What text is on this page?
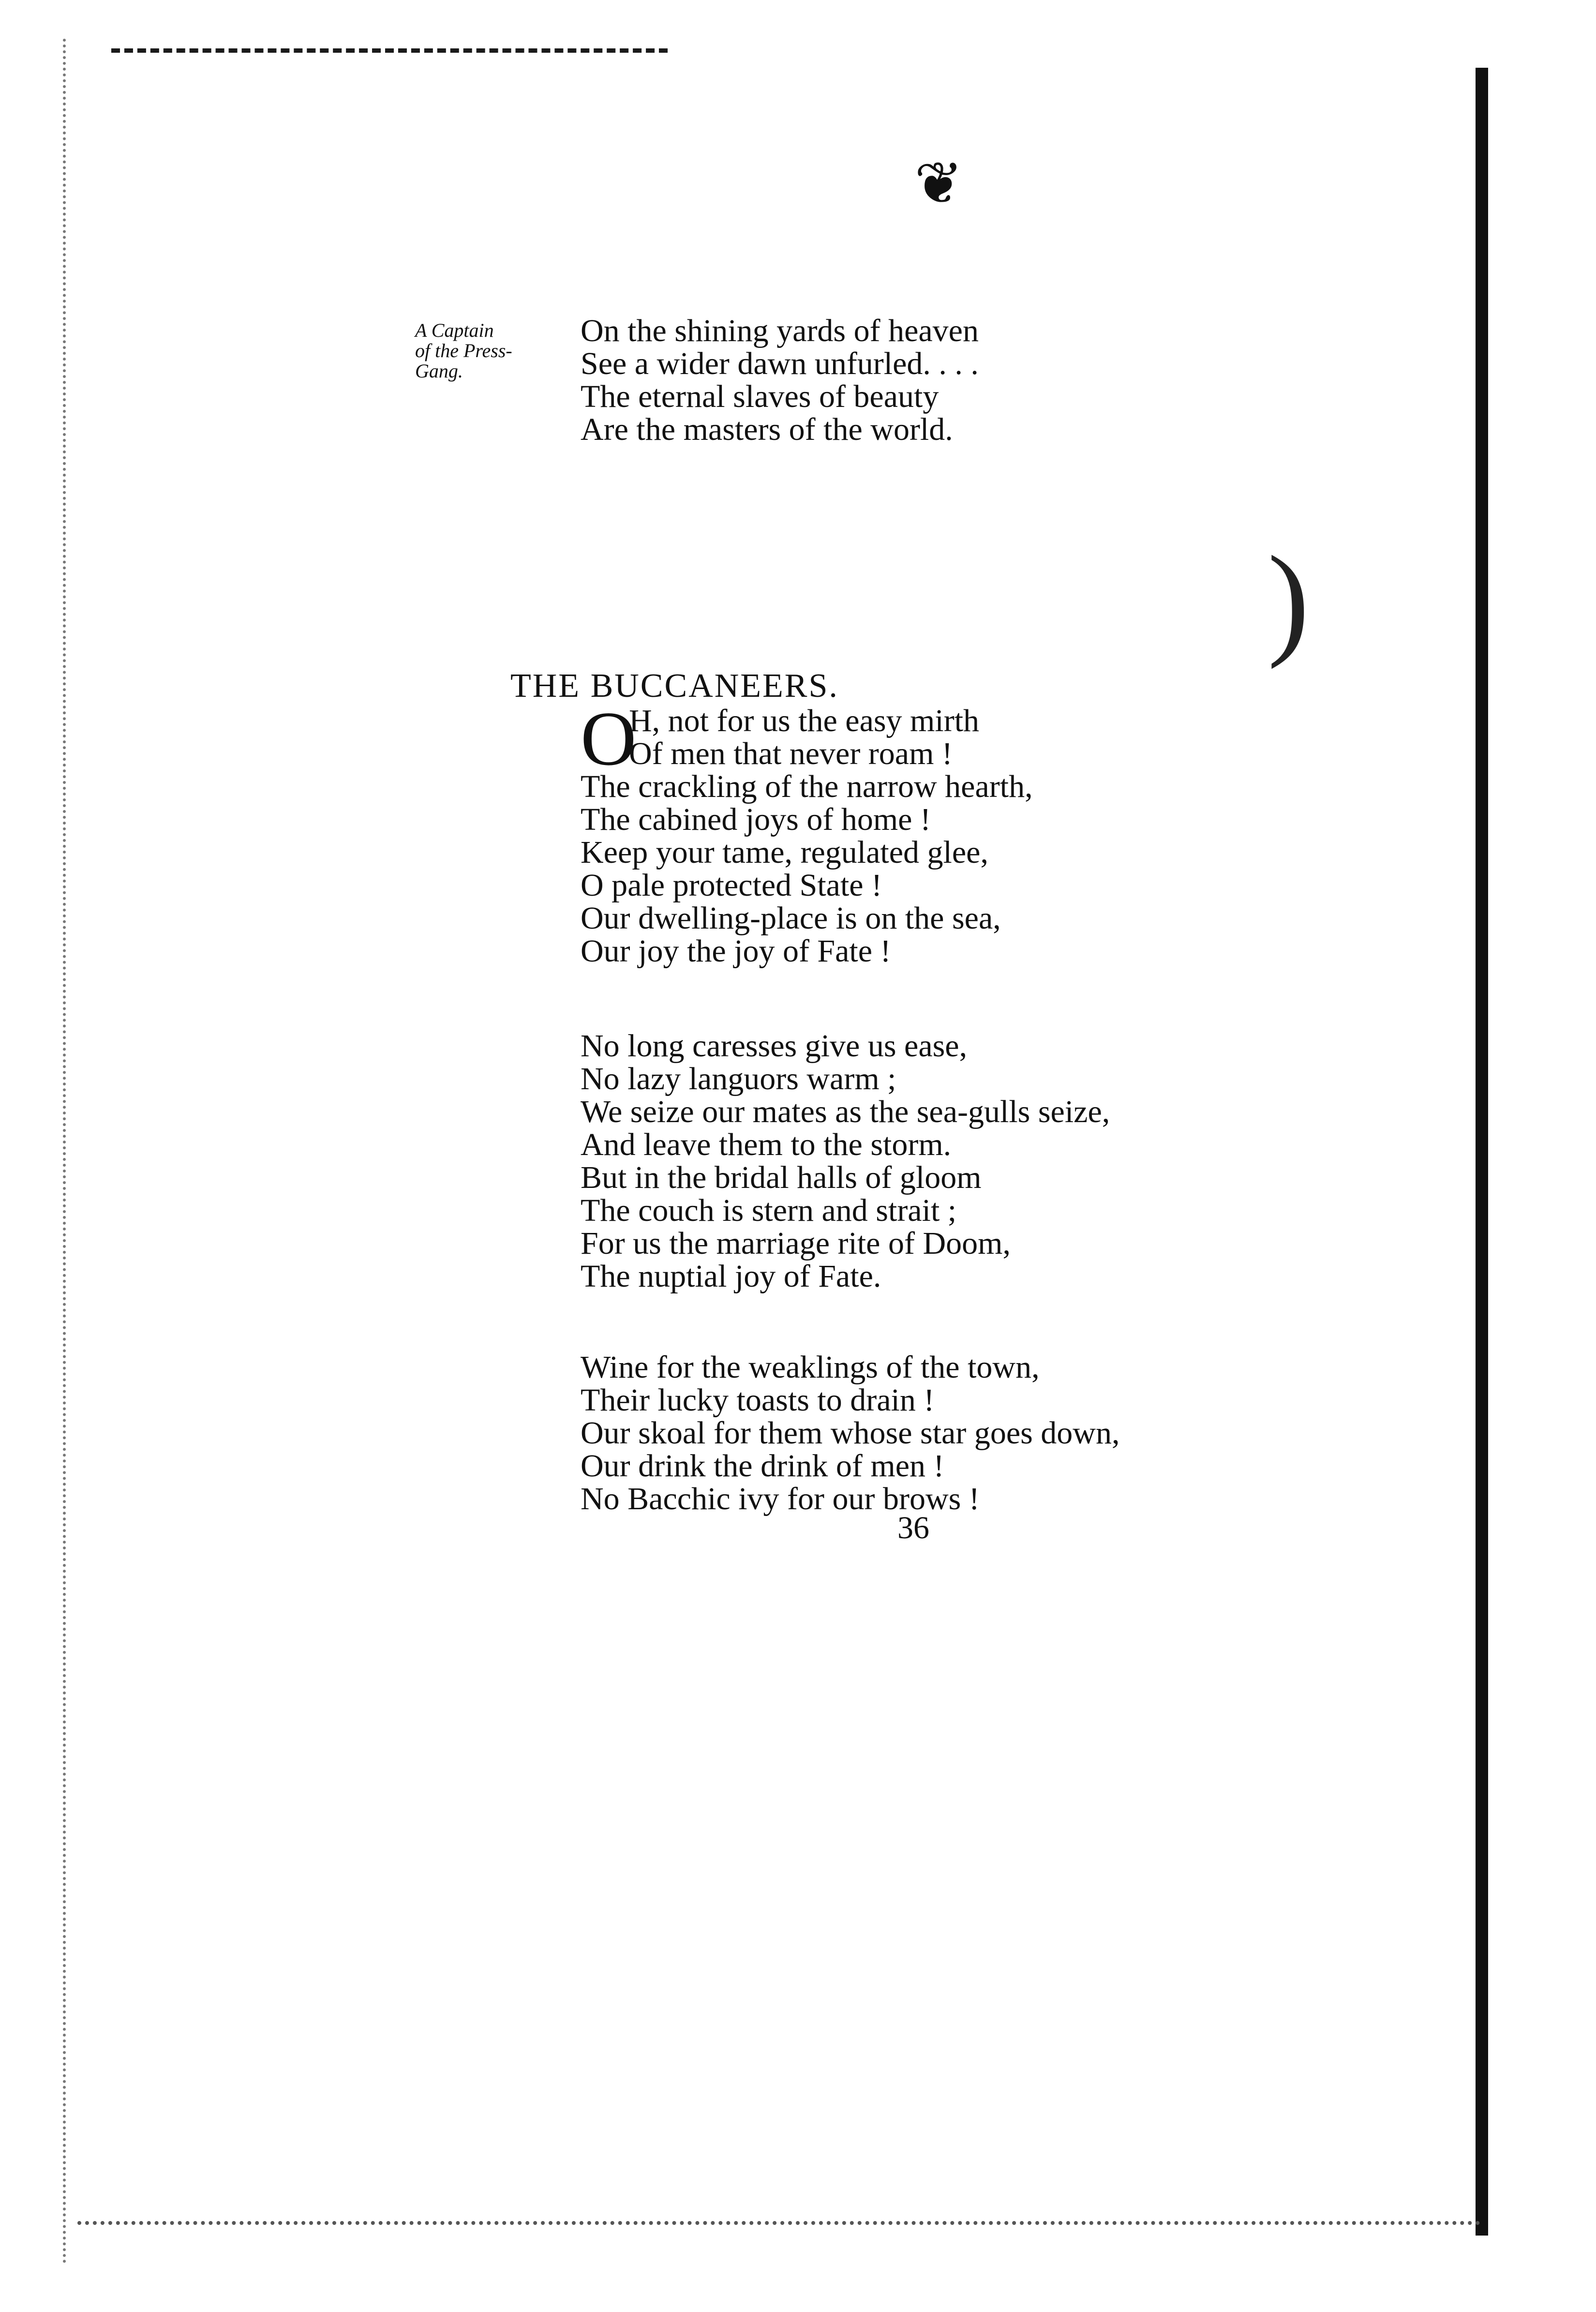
❦
)
A Captain
of the Press-
Gang.
On the shining yards of heaven
See a wider dawn unfurled. . . .
The eternal slaves of beauty
Are the masters of the world.
THE BUCCANEERS.
O
H, not for us the easy mirth
Of men that never roam !
The crackling of the narrow hearth,
The cabined joys of home !
Keep your tame, regulated glee,
O pale protected State !
Our dwelling-place is on the sea,
Our joy the joy of Fate !
No long caresses give us ease,
No lazy languors warm ;
We seize our mates as the sea-gulls seize,
And leave them to the storm.
But in the bridal halls of gloom
The couch is stern and strait ;
For us the marriage rite of Doom,
The nuptial joy of Fate.
Wine for the weaklings of the town,
Their lucky toasts to drain !
Our skoal for them whose star goes down,
Our drink the drink of men !
No Bacchic ivy for our brows !
36
